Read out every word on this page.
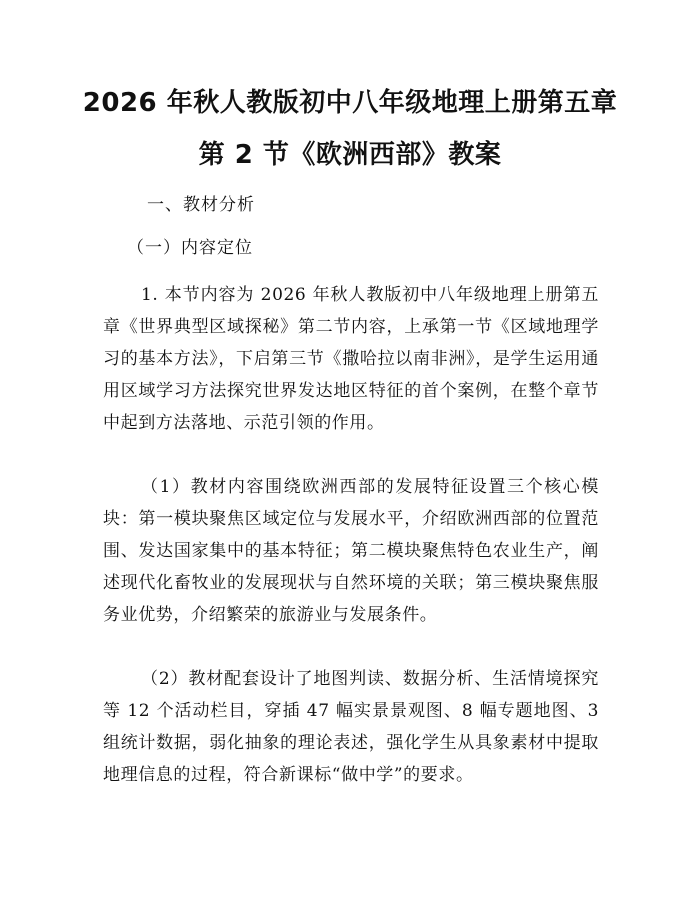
2026 年秋人教版初中八年级地理上册第五章
第 2 节《欧洲西部》教案
一、教材分析
（一）内容定位

1. 本节内容为 2026 年秋人教版初中八年级地理上册第五章《世界典型区域探秘》第二节内容，上承第一节《区域地理学习的基本方法》，下启第三节《撒哈拉以南非洲》，是学生运用通用区域学习方法探究世界发达地区特征的首个案例，在整个章节中起到方法落地、示范引领的作用。

（1）教材内容围绕欧洲西部的发展特征设置三个核心模块：第一模块聚焦区域定位与发展水平，介绍欧洲西部的位置范围、发达国家集中的基本特征；第二模块聚焦特色农业生产，阐述现代化畜牧业的发展现状与自然环境的关联；第三模块聚焦服务业优势，介绍繁荣的旅游业与发展条件。

（2）教材配套设计了地图判读、数据分析、生活情境探究等 12 个活动栏目，穿插 47 幅实景景观图、8 幅专题地图、3 组统计数据，弱化抽象的理论表述，强化学生从具象素材中提取地理信息的过程，符合新课标“做中学”的要求。
